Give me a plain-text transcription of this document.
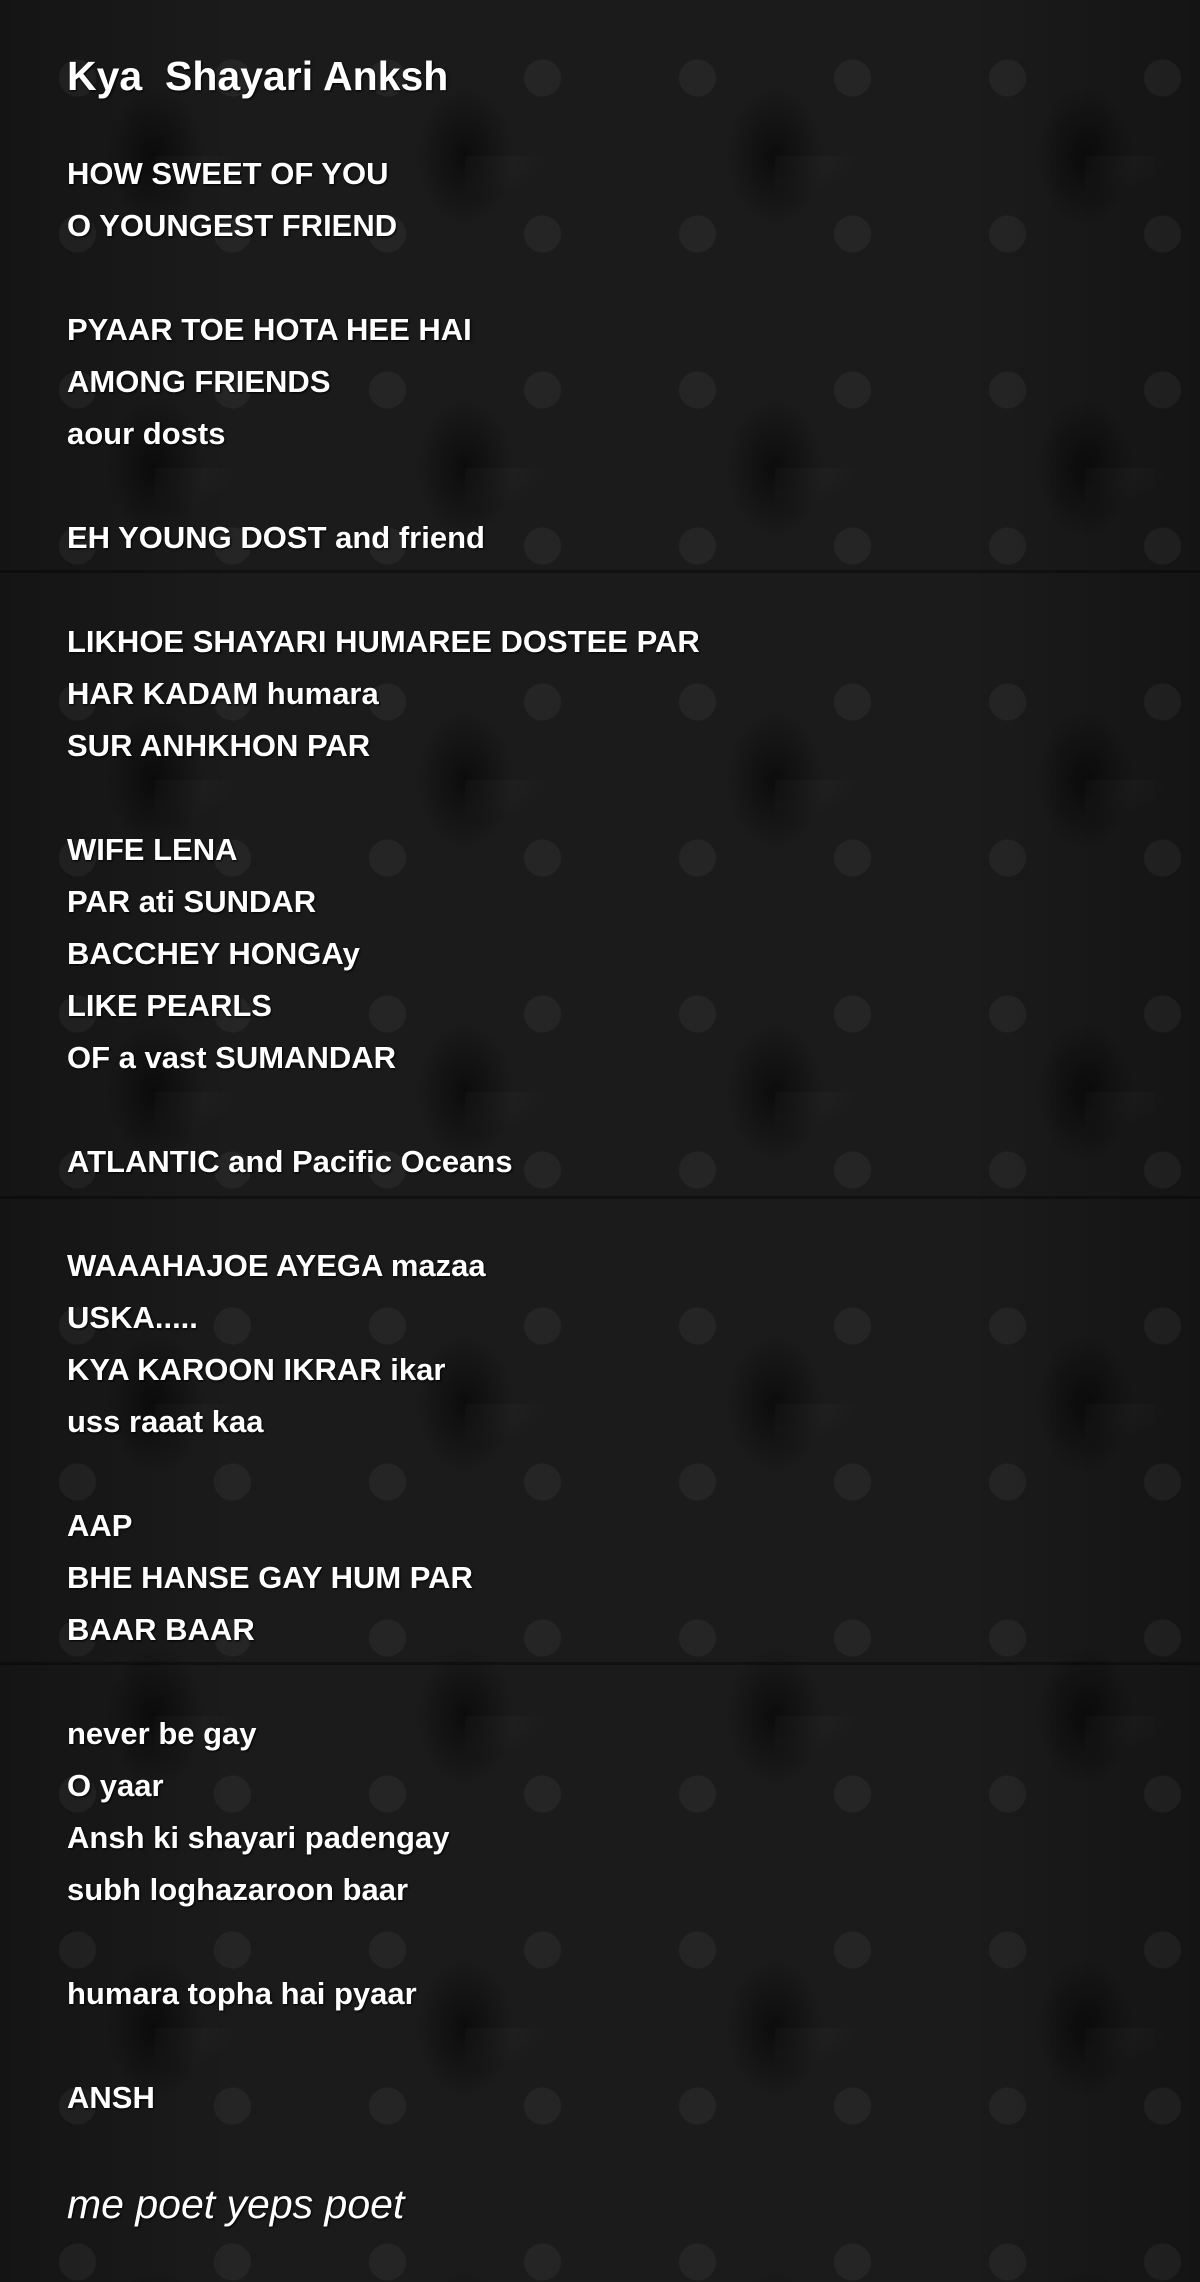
Kya  Shayari Anksh
HOW SWEET OF YOU
O YOUNGEST FRIEND
PYAAR TOE HOTA HEE HAI
AMONG FRIENDS
aour dosts
EH YOUNG DOST and friend
LIKHOE SHAYARI HUMAREE DOSTEE PAR
HAR KADAM humara
SUR ANHKHON PAR
WIFE LENA
PAR ati SUNDAR
BACCHEY HONGAy
LIKE PEARLS
OF a vast SUMANDAR
ATLANTIC and Pacific Oceans
WAAAHAJOE AYEGA mazaa
USKA.....
KYA KAROON IKRAR ikar
uss raaat kaa
AAP
BHE HANSE GAY HUM PAR
BAAR BAAR
never be gay
O yaar
Ansh ki shayari padengay
subh loghazaroon baar
humara topha hai pyaar
ANSH
me poet yeps poet
